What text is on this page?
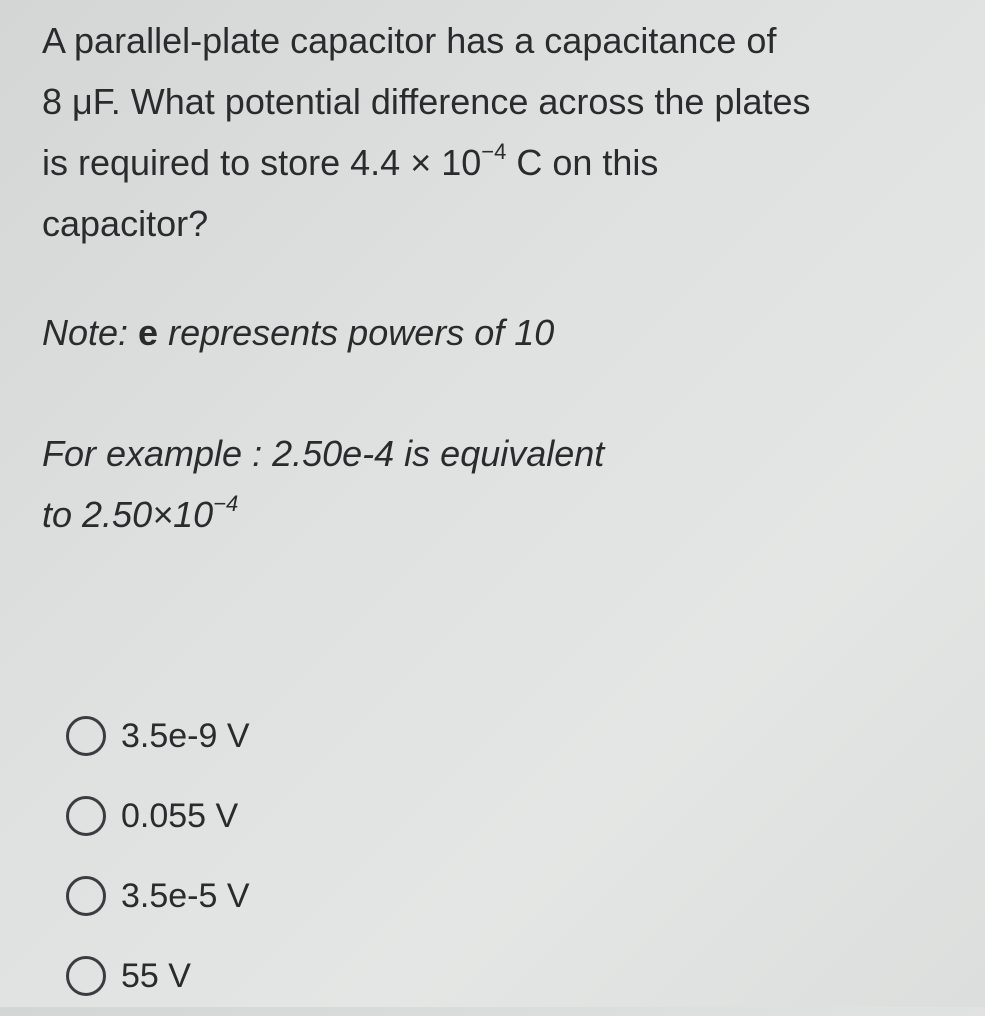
A parallel-plate capacitor has a capacitance of
8 μF. What potential difference across the plates
is required to store $4.4 \times 10^{-4}$ C on this
capacitor?
Note: e represents powers of 10
For example : 2.50e-4 is equivalent
to $2.50\times 10^{-4}$
3.5e-9 V
0.055 V
3.5e-5 V
55 V
